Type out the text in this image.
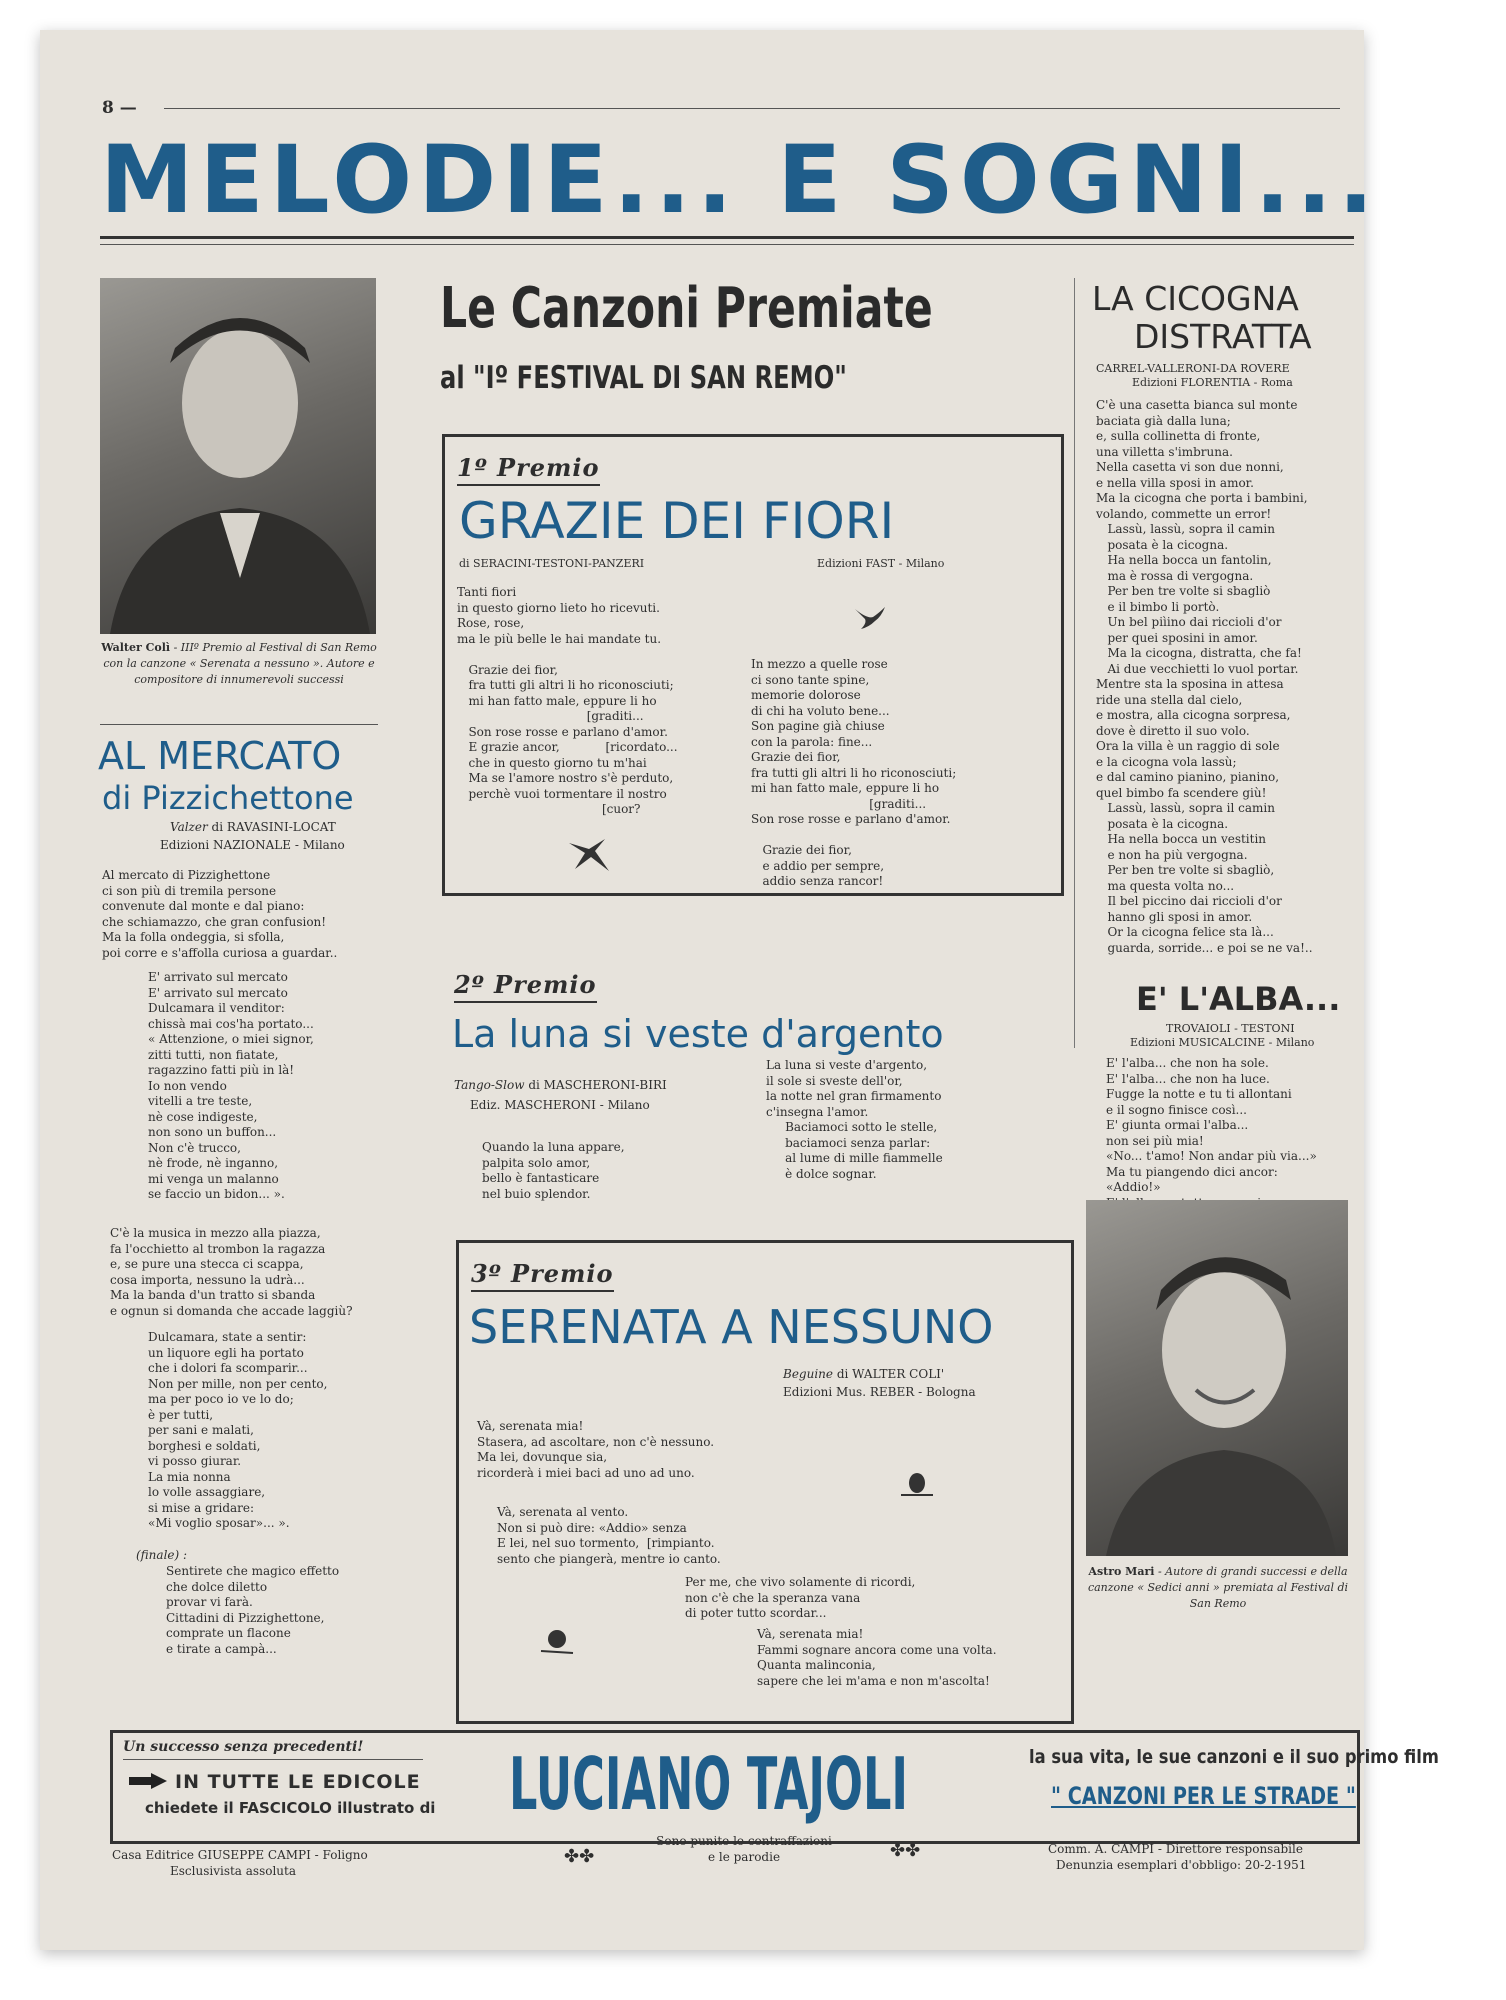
8 —
MELODIE... E SOGNI...
Walter Colì - IIIº Premio al Festival di San Remo con la canzone « Serenata a nessuno ». Autore e compositore di innumerevoli successi
AL MERCATO
di Pizzichettone
Valzer di RAVASINI-LOCAT
Edizioni NAZIONALE - Milano
Al mercato di Pizzighettone
ci son più di tremila persone
convenute dal monte e dal piano:
che schiamazzo, che gran confusion!
Ma la folla ondeggia, si sfolla,
poi corre e s'affolla curiosa a guardar..
E' arrivato sul mercato
E' arrivato sul mercato
Dulcamara il venditor:
chissà mai cos'ha portato...
« Attenzione, o miei signor,
zitti tutti, non fiatate,
ragazzino fatti più in là!
Io non vendo
vitelli a tre teste,
nè cose indigeste,
non sono un buffon...
Non c'è trucco,
nè frode, nè inganno,
mi venga un malanno
se faccio un bidon... ».
C'è la musica in mezzo alla piazza,
fa l'occhietto al trombon la ragazza
e, se pure una stecca ci scappa,
cosa importa, nessuno la udrà...
Ma la banda d'un tratto si sbanda
e ognun si domanda che accade laggiù?
Dulcamara, state a sentir:
un liquore egli ha portato
che i dolori fa scomparir...
Non per mille, non per cento,
ma per poco io ve lo do;
è per tutti,
per sani e malati,
borghesi e soldati,
vi posso giurar.
La mia nonna
lo volle assaggiare,
si mise a gridare:
«Mi voglio sposar»... ».
(finale) :
Sentirete che magico effetto
che dolce diletto
provar vi farà.
Cittadini di Pizzighettone,
comprate un flacone
e tirate a campà...
Le Canzoni Premiate
al "Iº FESTIVAL DI SAN REMO"
1º Premio
GRAZIE DEI FIORI
di SERACINI-TESTONI-PANZERI	Edizioni FAST - Milano
Tanti fiori
in questo giorno lieto ho ricevuti.
Rose, rose,
ma le più belle le hai mandate tu.

Grazie dei fior,
fra tutti gli altri li ho riconosciuti;
mi han fatto male, eppure li ho
[graditi...
Son rose rosse e parlano d'amor.
E grazie ancor,            [ricordato...
che in questo giorno tu m'hai
Ma se l'amore nostro s'è perduto,
perchè vuoi tormentare il nostro
[cuor?
In mezzo a quelle rose
ci sono tante spine,
memorie dolorose
di chi ha voluto bene...
Son pagine già chiuse
con la parola: fine...
Grazie dei fior,
fra tutti gli altri li ho riconosciuti;
mi han fatto male, eppure li ho
[graditi...
Son rose rosse e parlano d'amor.

Grazie dei fior,
e addio per sempre,
addio senza rancor!
2º Premio
La luna si veste d'argento
Tango-Slow di MASCHERONI-BIRI
Ediz. MASCHERONI - Milano
Quando la luna appare,
palpita solo amor,
bello è fantasticare
nel buio splendor.
La luna si veste d'argento,
il sole si sveste dell'or,
la notte nel gran firmamento
c'insegna l'amor.
Baciamoci sotto le stelle,
baciamoci senza parlar:
al lume di mille fiammelle
è dolce sognar.
3º Premio
SERENATA A NESSUNO
Beguine di WALTER COLI'
Edizioni Mus. REBER - Bologna
Và, serenata mia!
Stasera, ad ascoltare, non c'è nessuno.
Ma lei, dovunque sia,
ricorderà i miei baci ad uno ad uno.
Và, serenata al vento.
Non si può dire: «Addio» senza
E lei, nel suo tormento,  [rimpianto.
sento che piangerà, mentre io canto.
Per me, che vivo solamente di ricordi,
non c'è che la speranza vana
di poter tutto scordar...
Và, serenata mia!
Fammi sognare ancora come una volta.
Quanta malinconia,
sapere che lei m'ama e non m'ascolta!
LA CICOGNA
DISTRATTA
CARREL-VALLERONI-DA ROVERE
Edizioni FLORENTIA - Roma
C'è una casetta bianca sul monte
baciata già dalla luna;
e, sulla collinetta di fronte,
una villetta s'imbruna.
Nella casetta vi son due nonni,
e nella villa sposi in amor.
Ma la cicogna che porta i bambini,
volando, commette un error!
Lassù, lassù, sopra il camin
posata è la cicogna.
Ha nella bocca un fantolin,
ma è rossa di vergogna.
Per ben tre volte si sbagliò
e il bimbo li portò.
Un bel piìino dai riccioli d'or
per quei sposini in amor.
Ma la cicogna, distratta, che fa!
Ai due vecchietti lo vuol portar.
Mentre sta la sposina in attesa
ride una stella dal cielo,
e mostra, alla cicogna sorpresa,
dove è diretto il suo volo.
Ora la villa è un raggio di sole
e la cicogna vola lassù;
e dal camino pianino, pianino,
quel bimbo fa scendere giù!
Lassù, lassù, sopra il camin
posata è la cicogna.
Ha nella bocca un vestitin
e non ha più vergogna.
Per ben tre volte si sbagliò,
ma questa volta no...
Il bel piccino dai riccioli d'or
hanno gli sposi in amor.
Or la cicogna felice sta là...
guarda, sorride... e poi se ne va!..
E' L'ALBA...
TROVAIOLI - TESTONI
Edizioni MUSICALCINE - Milano
E' l'alba... che non ha sole.
E' l'alba... che non ha luce.
Fugge la notte e tu ti allontani
e il sogno finisce così...
E' giunta ormai l'alba...
non sei più mia!
«No... t'amo! Non andar più via...»
Ma tu piangendo dici ancor:
«Addio!»

Astro Mari - Autore di grandi successi e della canzone « Sedici anni » premiata al Festival di San Remo
Un successo senza precedenti!
IN TUTTE LE EDICOLE
chiedete il FASCICOLO illustrato di LUCIANO TAJOLI	la sua vita, le sue canzoni e il suo primo film
" CANZONI PER LE STRADE "
Casa Editrice GIUSEPPE CAMPI - Foligno
Esclusivista assoluta
✤✤
Sono punite le contraffazioni
e le parodie	✤✤	Comm. A. CAMPI - Direttore responsabile
Denunzia esemplari d'obbligo: 20-2-1951
